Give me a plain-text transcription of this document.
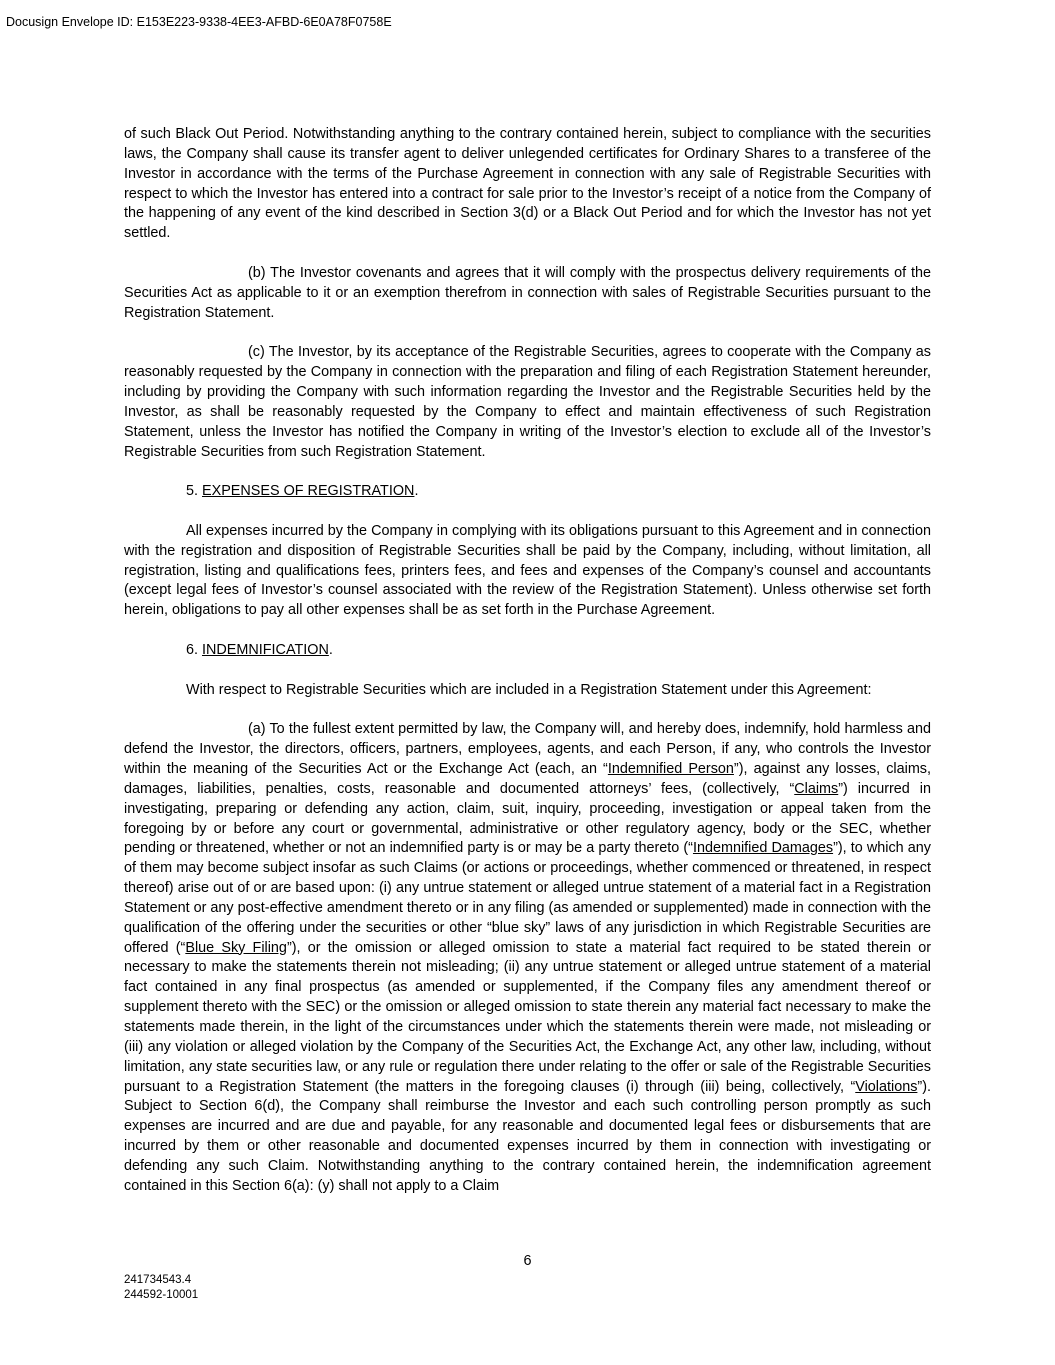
Docusign Envelope ID: E153E223-9338-4EE3-AFBD-6E0A78F0758E

of such Black Out Period. Notwithstanding anything to the contrary contained herein, subject to compliance with the securities laws, the Company shall cause its transfer agent to deliver unlegended certificates for Ordinary Shares to a transferee of the Investor in accordance with the terms of the Purchase Agreement in connection with any sale of Registrable Securities with respect to which the Investor has entered into a contract for sale prior to the Investor’s receipt of a notice from the Company of the happening of any event of the kind described in Section 3(d) or a Black Out Period and for which the Investor has not yet settled.

(b) The Investor covenants and agrees that it will comply with the prospectus delivery requirements of the Securities Act as applicable to it or an exemption therefrom in connection with sales of Registrable Securities pursuant to the Registration Statement.

(c) The Investor, by its acceptance of the Registrable Securities, agrees to cooperate with the Company as reasonably requested by the Company in connection with the preparation and filing of each Registration Statement hereunder, including by providing the Company with such information regarding the Investor and the Registrable Securities held by the Investor, as shall be reasonably requested by the Company to effect and maintain effectiveness of such Registration Statement, unless the Investor has notified the Company in writing of the Investor’s election to exclude all of the Investor’s Registrable Securities from such Registration Statement.

5. EXPENSES OF REGISTRATION.

All expenses incurred by the Company in complying with its obligations pursuant to this Agreement and in connection with the registration and disposition of Registrable Securities shall be paid by the Company, including, without limitation, all registration, listing and qualifications fees, printers fees, and fees and expenses of the Company’s counsel and accountants (except legal fees of Investor’s counsel associated with the review of the Registration Statement). Unless otherwise set forth herein, obligations to pay all other expenses shall be as set forth in the Purchase Agreement.

6. INDEMNIFICATION.

With respect to Registrable Securities which are included in a Registration Statement under this Agreement:

(a) To the fullest extent permitted by law, the Company will, and hereby does, indemnify, hold harmless and defend the Investor, the directors, officers, partners, employees, agents, and each Person, if any, who controls the Investor within the meaning of the Securities Act or the Exchange Act (each, an “Indemnified Person”), against any losses, claims, damages, liabilities, penalties, costs, reasonable and documented attorneys’ fees, (collectively, “Claims”) incurred in investigating, preparing or defending any action, claim, suit, inquiry, proceeding, investigation or appeal taken from the foregoing by or before any court or governmental, administrative or other regulatory agency, body or the SEC, whether pending or threatened, whether or not an indemnified party is or may be a party thereto (“Indemnified Damages”), to which any of them may become subject insofar as such Claims (or actions or proceedings, whether commenced or threatened, in respect thereof) arise out of or are based upon: (i) any untrue statement or alleged untrue statement of a material fact in a Registration Statement or any post-effective amendment thereto or in any filing (as amended or supplemented) made in connection with the qualification of the offering under the securities or other “blue sky” laws of any jurisdiction in which Registrable Securities are offered (“Blue Sky Filing”), or the omission or alleged omission to state a material fact required to be stated therein or necessary to make the statements therein not misleading; (ii) any untrue statement or alleged untrue statement of a material fact contained in any final prospectus (as amended or supplemented, if the Company files any amendment thereof or supplement thereto with the SEC) or the omission or alleged omission to state therein any material fact necessary to make the statements made therein, in the light of the circumstances under which the statements therein were made, not misleading or (iii) any violation or alleged violation by the Company of the Securities Act, the Exchange Act, any other law, including, without limitation, any state securities law, or any rule or regulation there under relating to the offer or sale of the Registrable Securities pursuant to a Registration Statement (the matters in the foregoing clauses (i) through (iii) being, collectively, “Violations”). Subject to Section 6(d), the Company shall reimburse the Investor and each such controlling person promptly as such expenses are incurred and are due and payable, for any reasonable and documented legal fees or disbursements that are incurred by them or other reasonable and documented expenses incurred by them in connection with investigating or defending any such Claim. Notwithstanding anything to the contrary contained herein, the indemnification agreement contained in this Section 6(a): (y) shall not apply to a Claim

6
241734543.4
244592-10001
